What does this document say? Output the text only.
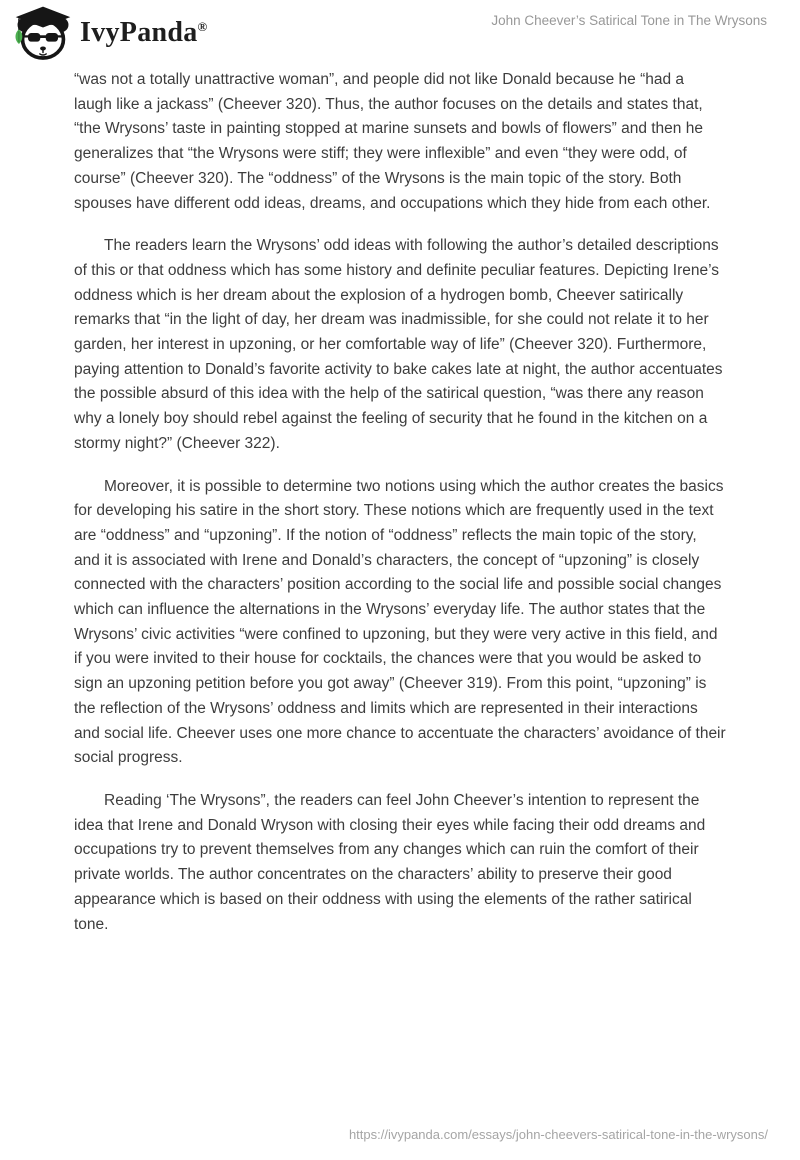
IvyPanda®	John Cheever’s Satirical Tone in The Wrysons

“was not a totally unattractive woman”, and people did not like Donald because he “had a laugh like a jackass” (Cheever 320). Thus, the author focuses on the details and states that, “the Wrysons’ taste in painting stopped at marine sunsets and bowls of flowers” and then he generalizes that “the Wrysons were stiff; they were inflexible” and even “they were odd, of course” (Cheever 320). The “oddness” of the Wrysons is the main topic of the story. Both spouses have different odd ideas, dreams, and occupations which they hide from each other.

The readers learn the Wrysons’ odd ideas with following the author’s detailed descriptions of this or that oddness which has some history and definite peculiar features. Depicting Irene’s oddness which is her dream about the explosion of a hydrogen bomb, Cheever satirically remarks that “in the light of day, her dream was inadmissible, for she could not relate it to her garden, her interest in upzoning, or her comfortable way of life” (Cheever 320). Furthermore, paying attention to Donald’s favorite activity to bake cakes late at night, the author accentuates the possible absurd of this idea with the help of the satirical question, “was there any reason why a lonely boy should rebel against the feeling of security that he found in the kitchen on a stormy night?” (Cheever 322).

Moreover, it is possible to determine two notions using which the author creates the basics for developing his satire in the short story. These notions which are frequently used in the text are “oddness” and “upzoning”. If the notion of “oddness” reflects the main topic of the story, and it is associated with Irene and Donald’s characters, the concept of “upzoning” is closely connected with the characters’ position according to the social life and possible social changes which can influence the alternations in the Wrysons’ everyday life. The author states that the Wrysons’ civic activities “were confined to upzoning, but they were very active in this field, and if you were invited to their house for cocktails, the chances were that you would be asked to sign an upzoning petition before you got away” (Cheever 319). From this point, “upzoning” is the reflection of the Wrysons’ oddness and limits which are represented in their interactions and social life. Cheever uses one more chance to accentuate the characters’ avoidance of their social progress.

Reading ‘The Wrysons”, the readers can feel John Cheever’s intention to represent the idea that Irene and Donald Wryson with closing their eyes while facing their odd dreams and occupations try to prevent themselves from any changes which can ruin the comfort of their private worlds. The author concentrates on the characters’ ability to preserve their good appearance which is based on their oddness with using the elements of the rather satirical tone.

https://ivypanda.com/essays/john-cheevers-satirical-tone-in-the-wrysons/
